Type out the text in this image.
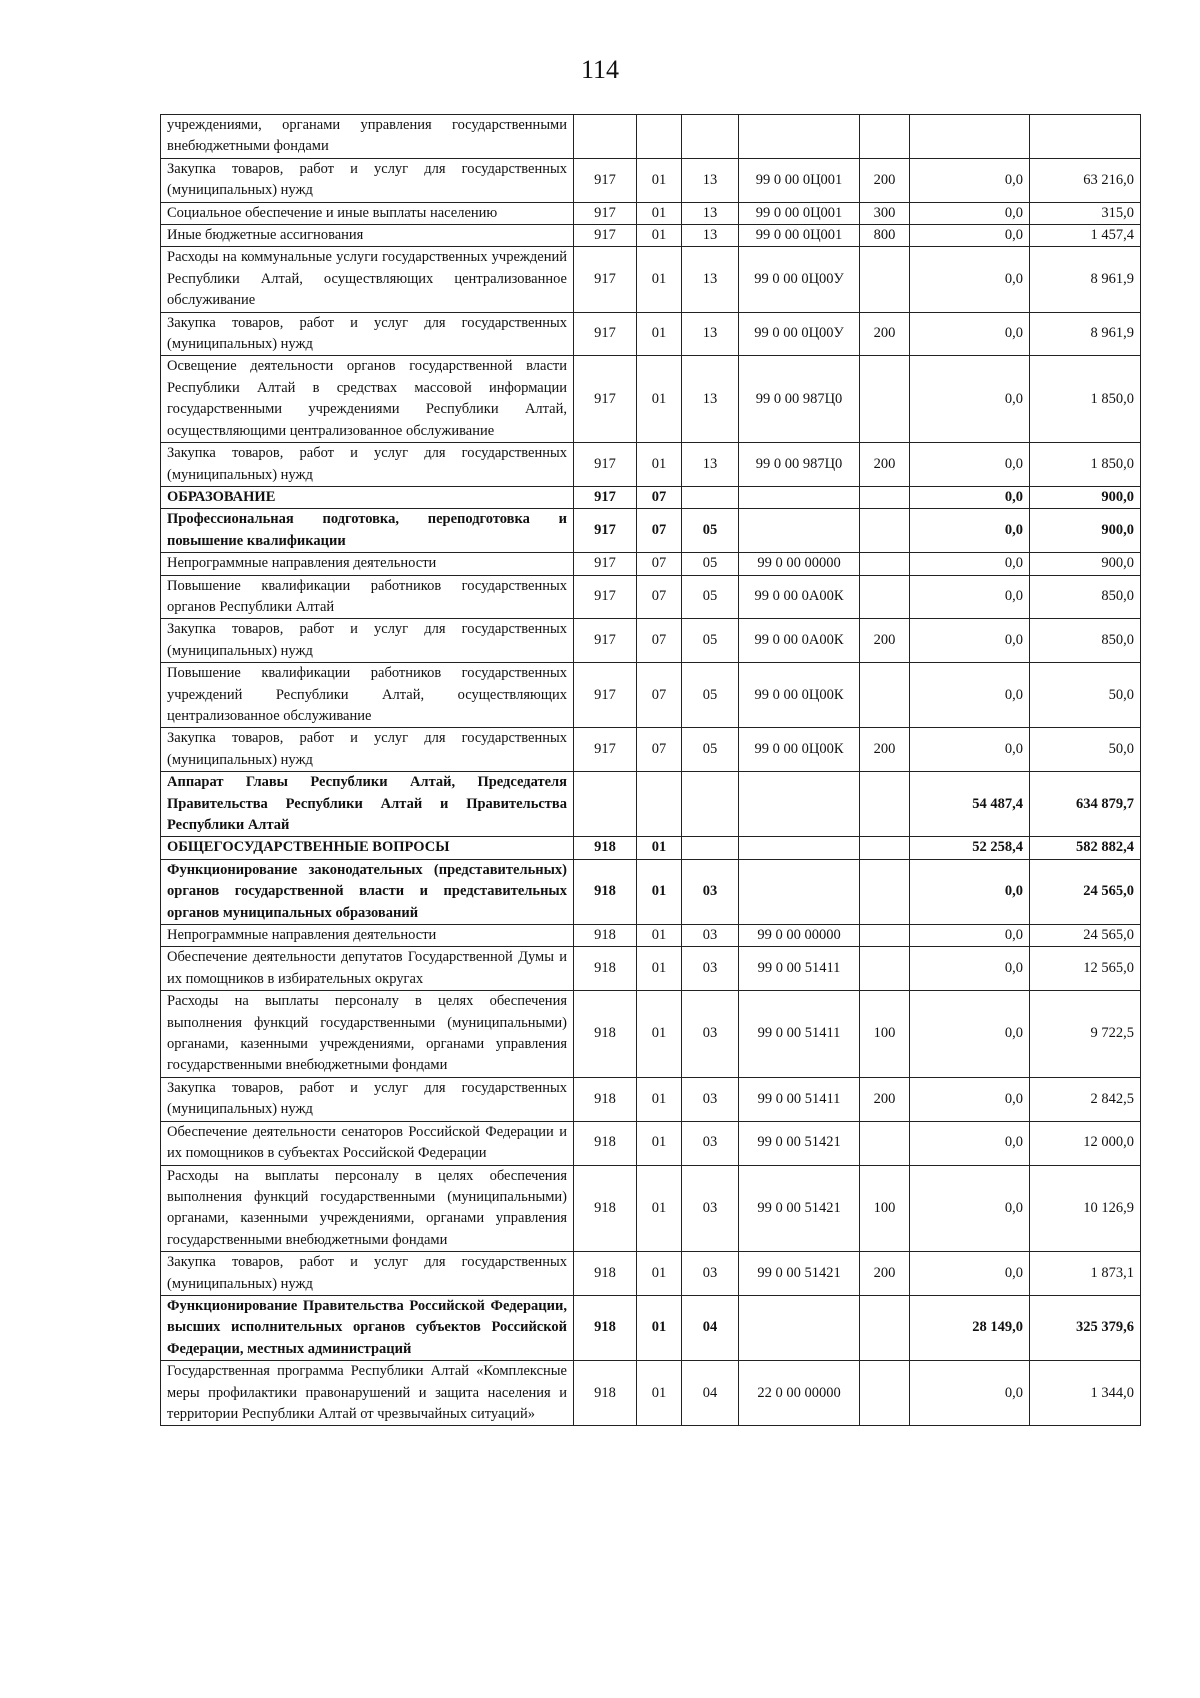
114
учреждениями, органами управления государственными внебюджетными фондами							
Закупка товаров, работ и услуг для государственных (муниципальных) нужд	917	01	13	99 0 00 0Ц001	200	0,0	63 216,0
Социальное обеспечение и иные выплаты населению	917	01	13	99 0 00 0Ц001	300	0,0	315,0
Иные бюджетные ассигнования	917	01	13	99 0 00 0Ц001	800	0,0	1 457,4
Расходы на коммунальные услуги государственных учреждений Республики Алтай, осуществляющих централизованное обслуживание	917	01	13	99 0 00 0Ц00У		0,0	8 961,9
Закупка товаров, работ и услуг для государственных (муниципальных) нужд	917	01	13	99 0 00 0Ц00У	200	0,0	8 961,9
Освещение деятельности органов государственной власти Республики Алтай в средствах массовой информации государственными учреждениями Республики Алтай, осуществляющими централизованное обслуживание	917	01	13	99 0 00 987Ц0		0,0	1 850,0
Закупка товаров, работ и услуг для государственных (муниципальных) нужд	917	01	13	99 0 00 987Ц0	200	0,0	1 850,0
ОБРАЗОВАНИЕ	917	07				0,0	900,0
Профессиональная подготовка, переподготовка и повышение квалификации	917	07	05			0,0	900,0
Непрограммные направления деятельности	917	07	05	99 0 00 00000		0,0	900,0
Повышение квалификации работников государственных органов Республики Алтай	917	07	05	99 0 00 0А00К		0,0	850,0
Закупка товаров, работ и услуг для государственных (муниципальных) нужд	917	07	05	99 0 00 0А00К	200	0,0	850,0
Повышение квалификации работников государственных учреждений Республики Алтай, осуществляющих централизованное обслуживание	917	07	05	99 0 00 0Ц00К		0,0	50,0
Закупка товаров, работ и услуг для государственных (муниципальных) нужд	917	07	05	99 0 00 0Ц00К	200	0,0	50,0
Аппарат Главы Республики Алтай, Председателя Правительства Республики Алтай и Правительства Республики Алтай						54 487,4	634 879,7
ОБЩЕГОСУДАРСТВЕННЫЕ ВОПРОСЫ	918	01				52 258,4	582 882,4
Функционирование законодательных (представительных) органов государственной власти и представительных органов муниципальных образований	918	01	03			0,0	24 565,0
Непрограммные направления деятельности	918	01	03	99 0 00 00000		0,0	24 565,0
Обеспечение деятельности депутатов Государственной Думы и их помощников в избирательных округах	918	01	03	99 0 00 51411		0,0	12 565,0
Расходы на выплаты персоналу в целях обеспечения выполнения функций государственными (муниципальными) органами, казенными учреждениями, органами управления государственными внебюджетными фондами	918	01	03	99 0 00 51411	100	0,0	9 722,5
Закупка товаров, работ и услуг для государственных (муниципальных) нужд	918	01	03	99 0 00 51411	200	0,0	2 842,5
Обеспечение деятельности сенаторов Российской Федерации и их помощников в субъектах Российской Федерации	918	01	03	99 0 00 51421		0,0	12 000,0
Расходы на выплаты персоналу в целях обеспечения выполнения функций государственными (муниципальными) органами, казенными учреждениями, органами управления государственными внебюджетными фондами	918	01	03	99 0 00 51421	100	0,0	10 126,9
Закупка товаров, работ и услуг для государственных (муниципальных) нужд	918	01	03	99 0 00 51421	200	0,0	1 873,1
Функционирование Правительства Российской Федерации, высших исполнительных органов субъектов Российской Федерации, местных администраций	918	01	04			28 149,0	325 379,6
Государственная программа Республики Алтай «Комплексные меры профилактики правонарушений и защита населения и территории Республики Алтай от чрезвычайных ситуаций»	918	01	04	22 0 00 00000		0,0	1 344,0
